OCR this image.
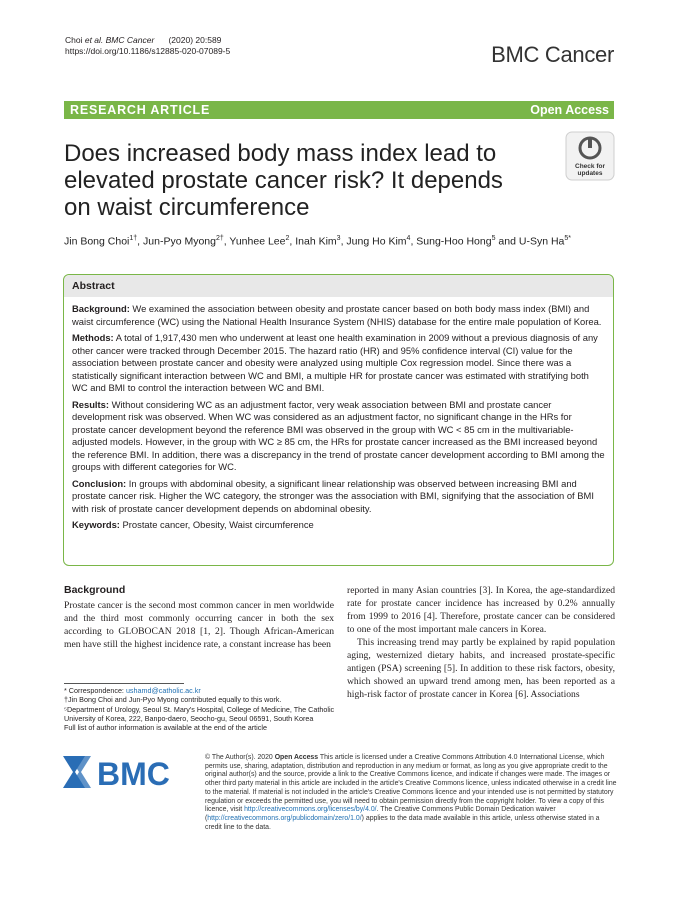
Choi et al. BMC Cancer (2020) 20:589
https://doi.org/10.1186/s12885-020-07089-5	BMC Cancer
RESEARCH ARTICLE	Open Access
Does increased body mass index lead to elevated prostate cancer risk? It depends on waist circumference
Check for
updates
Jin Bong Choi$^{1\dagger}$, Jun-Pyo Myong$^{2\dagger}$, Yunhee Lee$^2$, Inah Kim$^3$, Jung Ho Kim$^4$, Sung-Hoo Hong$^5$ and U-Syn $Ha^{5*}$
Abstract

Background: We examined the association between obesity and prostate cancer based on both body mass index (BMI) and waist circumference (WC) using the National Health Insurance System (NHIS) database for the entire male population of Korea.

Methods: A total of 1,917,430 men who underwent at least one health examination in 2009 without a previous diagnosis of any other cancer were tracked through December 2015. The hazard ratio (HR) and 95% confidence interval (CI) value for the association between prostate cancer and obesity were analyzed using multiple Cox regression model. Since there was a statistically significant interaction between WC and BMI, a multiple HR for prostate cancer was estimated with stratifying both WC and BMI to control the interaction between WC and BMI.

Results: Without considering WC as an adjustment factor, very weak association between BMI and prostate cancer development risk was observed. When WC was considered as an adjustment factor, no significant change in the HRs for prostate cancer development beyond the reference BMI was observed in the group with WC < 85 cm in the multivariable-adjusted models. However, in the group with WC ≥ 85 cm, the HRs for prostate cancer increased as the BMI increased beyond the reference BMI. In addition, there was a discrepancy in the trend of prostate cancer development according to BMI among the groups with different categories for WC.

Conclusion: In groups with abdominal obesity, a significant linear relationship was observed between increasing BMI and prostate cancer risk. Higher the WC category, the stronger was the association with BMI, signifying that the association of BMI with risk of prostate cancer development depends on abdominal obesity.

Keywords: Prostate cancer, Obesity, Waist circumference

Background

Prostate cancer is the second most common cancer in men worldwide and the third most commonly occurring cancer in both the sex according to GLOBOCAN 2018 [1, 2]. Though African-American men have still the highest incidence rate, a constant increase has been

reported in many Asian countries [3]. In Korea, the age-standardized rate for prostate cancer incidence has increased by 0.2% annually from 1999 to 2016 [4]. Therefore, prostate cancer can be considered to one of the most important male cancers in Korea.

This increasing trend may partly be explained by rapid population aging, westernized dietary habits, and increased prostate-specific antigen (PSA) screening [5]. In addition to these risk factors, obesity, which showed an upward trend among men, has been reported as a high-risk factor of prostate cancer in Korea [6]. Associations

* Correspondence: ushamd@catholic.ac.kr
†Jin Bong Choi and Jun-Pyo Myong contributed equally to this work.
⁵Department of Urology, Seoul St. Mary's Hospital, College of Medicine, The Catholic University of Korea, 222, Banpo-daero, Seocho-gu, Seoul 06591, South Korea
Full list of author information is available at the end of the article
BMC	© The Author(s). 2020 Open Access This article is licensed under a Creative Commons Attribution 4.0 International License, which permits use, sharing, adaptation, distribution and reproduction in any medium or format, as long as you give appropriate credit to the original author(s) and the source, provide a link to the Creative Commons licence, and indicate if changes were made. The images or other third party material in this article are included in the article's Creative Commons licence, unless indicated otherwise in a credit line to the material. If material is not included in the article's Creative Commons licence and your intended use is not permitted by statutory regulation or exceeds the permitted use, you will need to obtain permission directly from the copyright holder. To view a copy of this licence, visit http://creativecommons.org/licenses/by/4.0/. The Creative Commons Public Domain Dedication waiver (http://creativecommons.org/publicdomain/zero/1.0/) applies to the data made available in this article, unless otherwise stated in a credit line to the data.
